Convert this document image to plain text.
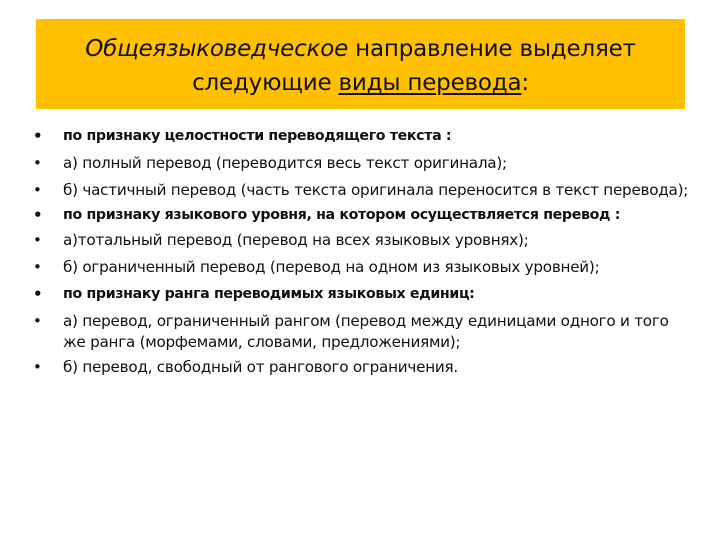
Общеязыковедческое направление выделяет
следующие виды перевода:
• по признаку целостности переводящего текста :
• а) полный перевод (переводится весь текст оригинала);
• б) частичный перевод (часть текста оригинала переносится в текст перевода);
• по признаку языкового уровня, на котором осуществляется перевод :
• а)тотальный перевод (перевод на всех языковых уровнях);
• б) ограниченный перевод (перевод на одном из языковых уровней);
• по признаку ранга переводимых языковых единиц:
• а) перевод, ограниченный рангом (перевод между единицами одного и того же ранга (морфемами, словами, предложениями);
• б) перевод, свободный от рангового ограничения.
